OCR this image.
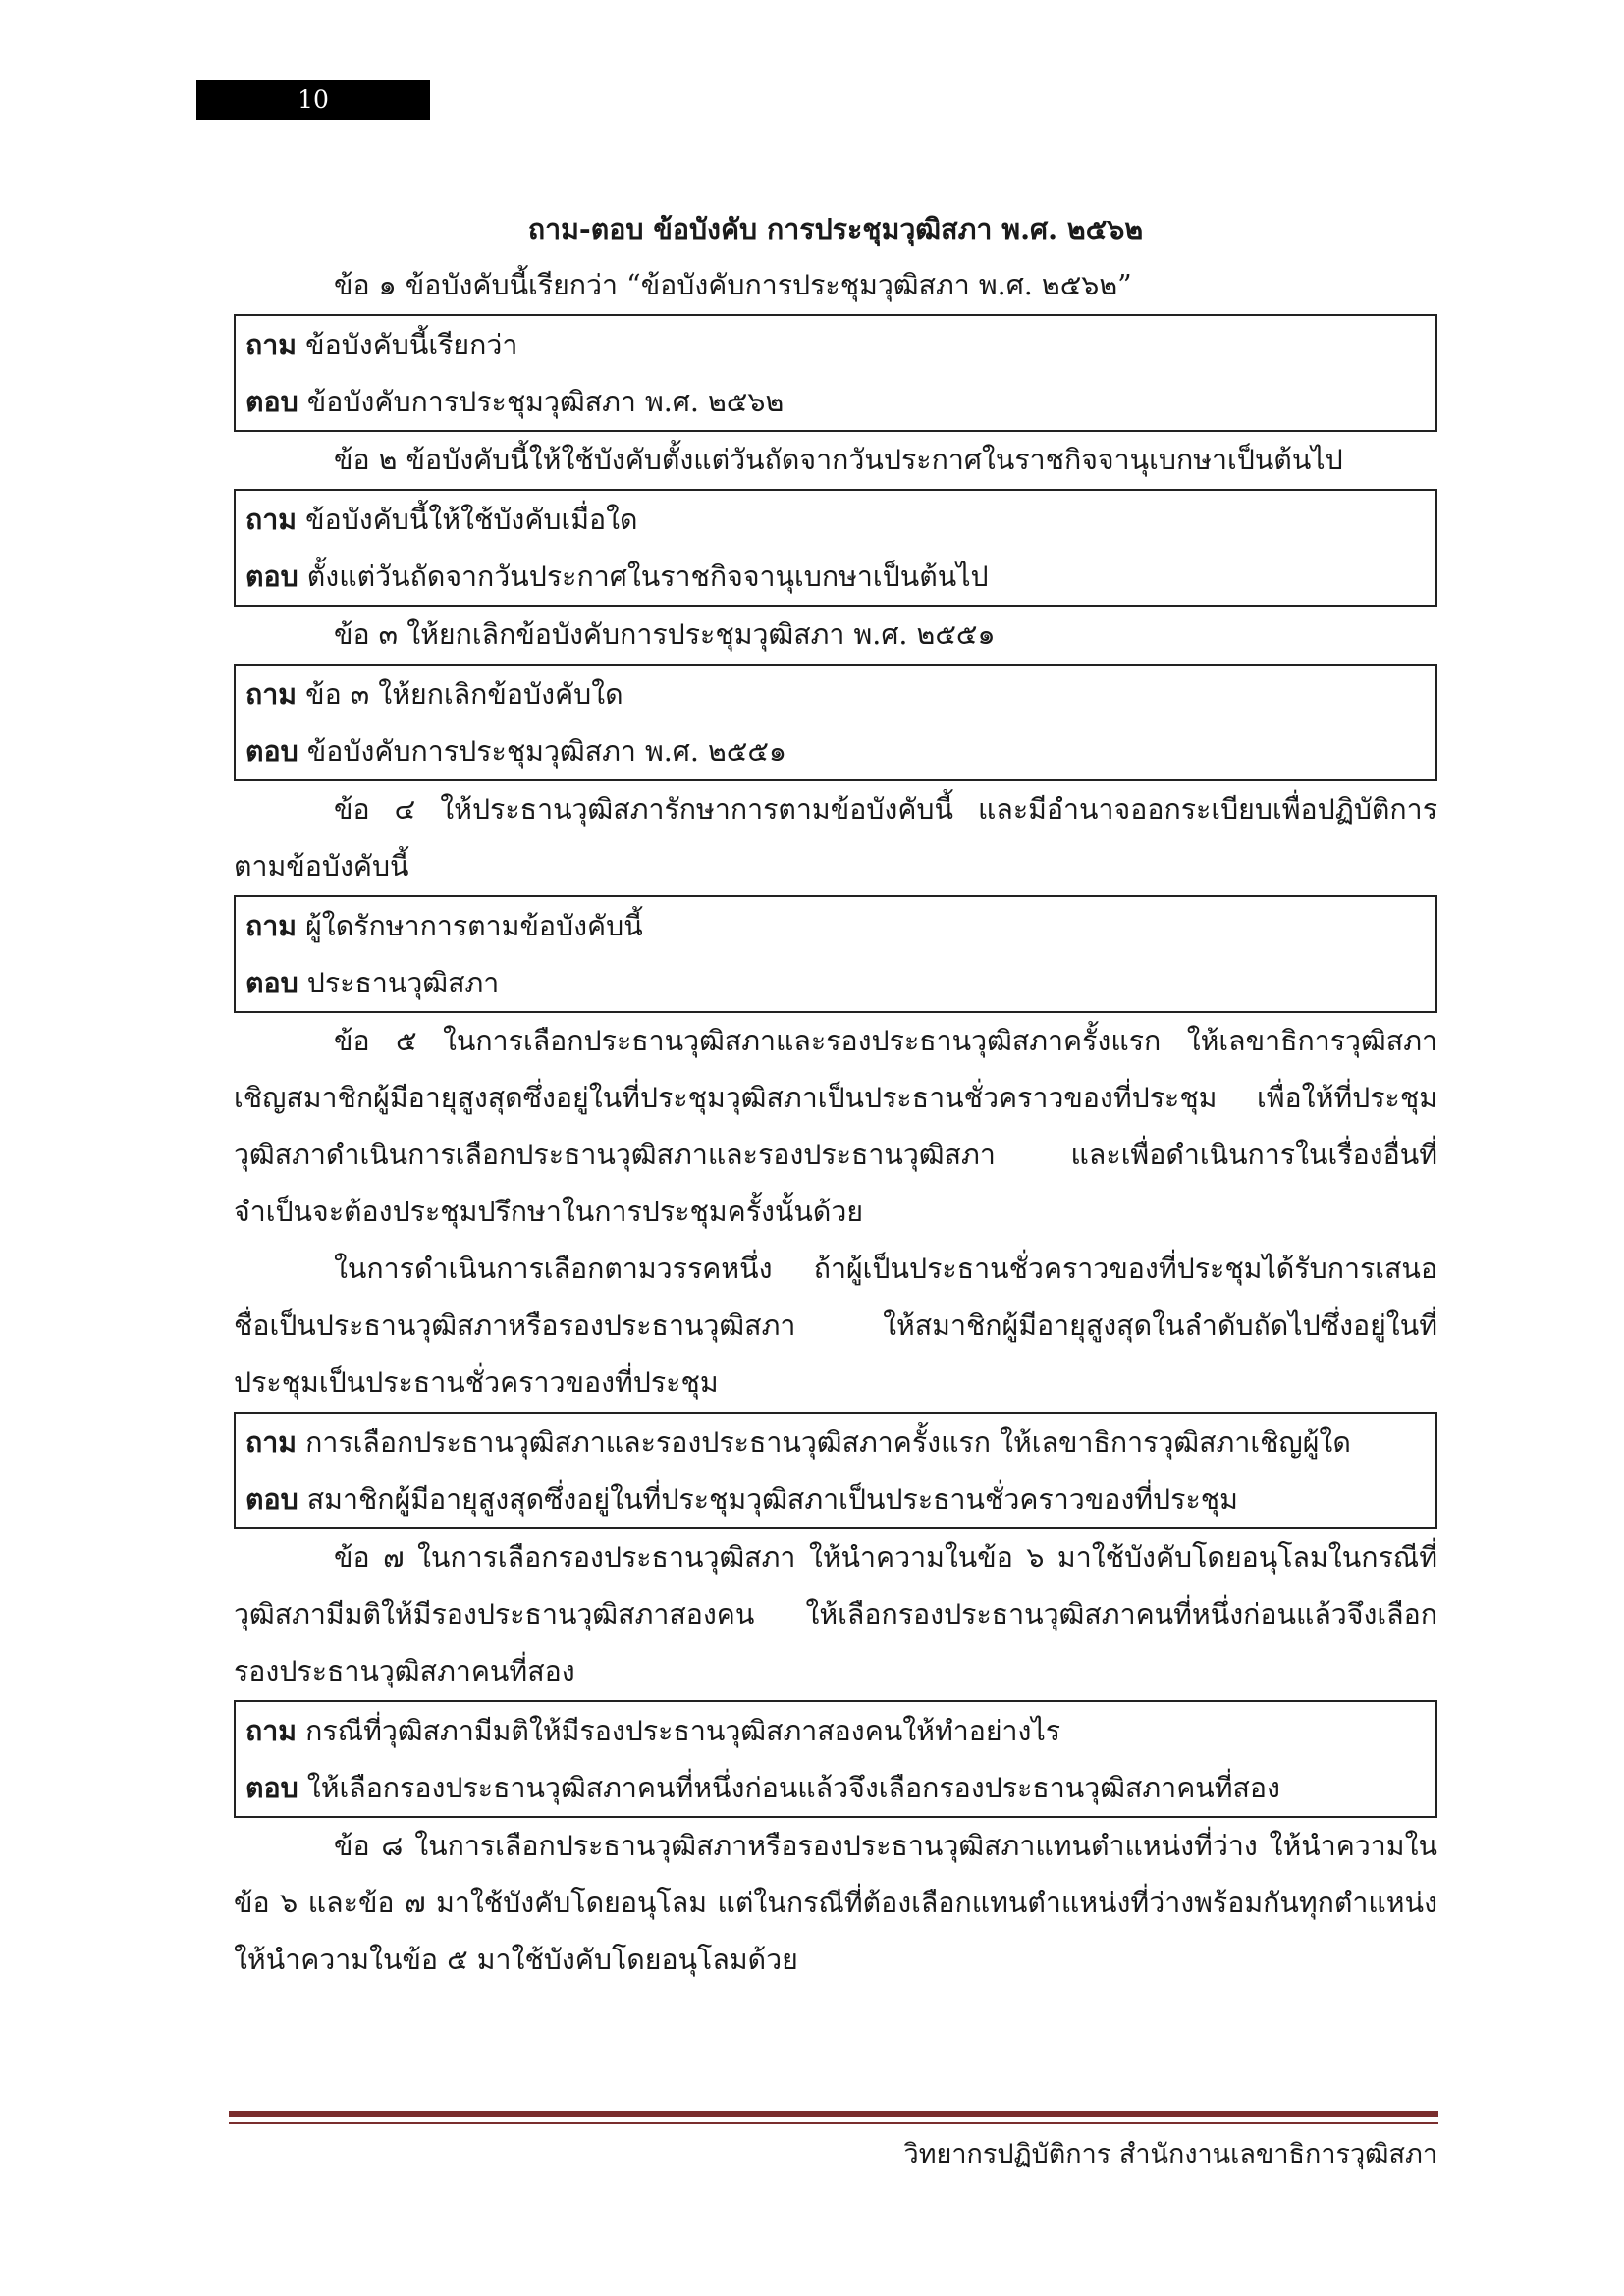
10
ถาม-ตอบ ข้อบังคับ การประชุมวุฒิสภา พ.ศ. ๒๕๖๒
ข้อ ๑ ข้อบังคับนี้เรียกว่า “ข้อบังคับการประชุมวุฒิสภา พ.ศ. ๒๕๖๒”
ถาม ข้อบังคับนี้เรียกว่า
ตอบ ข้อบังคับการประชุมวุฒิสภา พ.ศ. ๒๕๖๒
ข้อ ๒ ข้อบังคับนี้ให้ใช้บังคับตั้งแต่วันถัดจากวันประกาศในราชกิจจานุเบกษาเป็นต้นไป
ถาม ข้อบังคับนี้ให้ใช้บังคับเมื่อใด
ตอบ ตั้งแต่วันถัดจากวันประกาศในราชกิจจานุเบกษาเป็นต้นไป
ข้อ ๓ ให้ยกเลิกข้อบังคับการประชุมวุฒิสภา พ.ศ. ๒๕๕๑
ถาม ข้อ ๓ ให้ยกเลิกข้อบังคับใด
ตอบ ข้อบังคับการประชุมวุฒิสภา พ.ศ. ๒๕๕๑
ข้อ ๔ ให้ประธานวุฒิสภารักษาการตามข้อบังคับนี้ และมีอำนาจออกระเบียบเพื่อปฏิบัติการตามข้อบังคับนี้
ถาม ผู้ใดรักษาการตามข้อบังคับนี้
ตอบ ประธานวุฒิสภา
ข้อ ๕ ในการเลือกประธานวุฒิสภาและรองประธานวุฒิสภาครั้งแรก ให้เลขาธิการวุฒิสภาเชิญสมาชิกผู้มีอายุสูงสุดซึ่งอยู่ในที่ประชุมวุฒิสภาเป็นประธานชั่วคราวของที่ประชุม เพื่อให้ที่ประชุมวุฒิสภาดำเนินการเลือกประธานวุฒิสภาและรองประธานวุฒิสภา และเพื่อดำเนินการในเรื่องอื่นที่จำเป็นจะต้องประชุมปรึกษาในการประชุมครั้งนั้นด้วย
ในการดำเนินการเลือกตามวรรคหนึ่ง ถ้าผู้เป็นประธานชั่วคราวของที่ประชุมได้รับการเสนอชื่อเป็นประธานวุฒิสภาหรือรองประธานวุฒิสภา ให้สมาชิกผู้มีอายุสูงสุดในลำดับถัดไปซึ่งอยู่ในที่ประชุมเป็นประธานชั่วคราวของที่ประชุม
ถาม การเลือกประธานวุฒิสภาและรองประธานวุฒิสภาครั้งแรก ให้เลขาธิการวุฒิสภาเชิญผู้ใด
ตอบ สมาชิกผู้มีอายุสูงสุดซึ่งอยู่ในที่ประชุมวุฒิสภาเป็นประธานชั่วคราวของที่ประชุม
ข้อ ๗ ในการเลือกรองประธานวุฒิสภา ให้นำความในข้อ ๖ มาใช้บังคับโดยอนุโลมในกรณีที่วุฒิสภามีมติให้มีรองประธานวุฒิสภาสองคน ให้เลือกรองประธานวุฒิสภาคนที่หนึ่งก่อนแล้วจึงเลือกรองประธานวุฒิสภาคนที่สอง
ถาม กรณีที่วุฒิสภามีมติให้มีรองประธานวุฒิสภาสองคนให้ทำอย่างไร
ตอบ ให้เลือกรองประธานวุฒิสภาคนที่หนึ่งก่อนแล้วจึงเลือกรองประธานวุฒิสภาคนที่สอง
ข้อ ๘ ในการเลือกประธานวุฒิสภาหรือรองประธานวุฒิสภาแทนตำแหน่งที่ว่าง ให้นำความในข้อ ๖ และข้อ ๗ มาใช้บังคับโดยอนุโลม แต่ในกรณีที่ต้องเลือกแทนตำแหน่งที่ว่างพร้อมกันทุกตำแหน่ง ให้นำความในข้อ ๕ มาใช้บังคับโดยอนุโลมด้วย
วิทยากรปฏิบัติการ สำนักงานเลขาธิการวุฒิสภา
